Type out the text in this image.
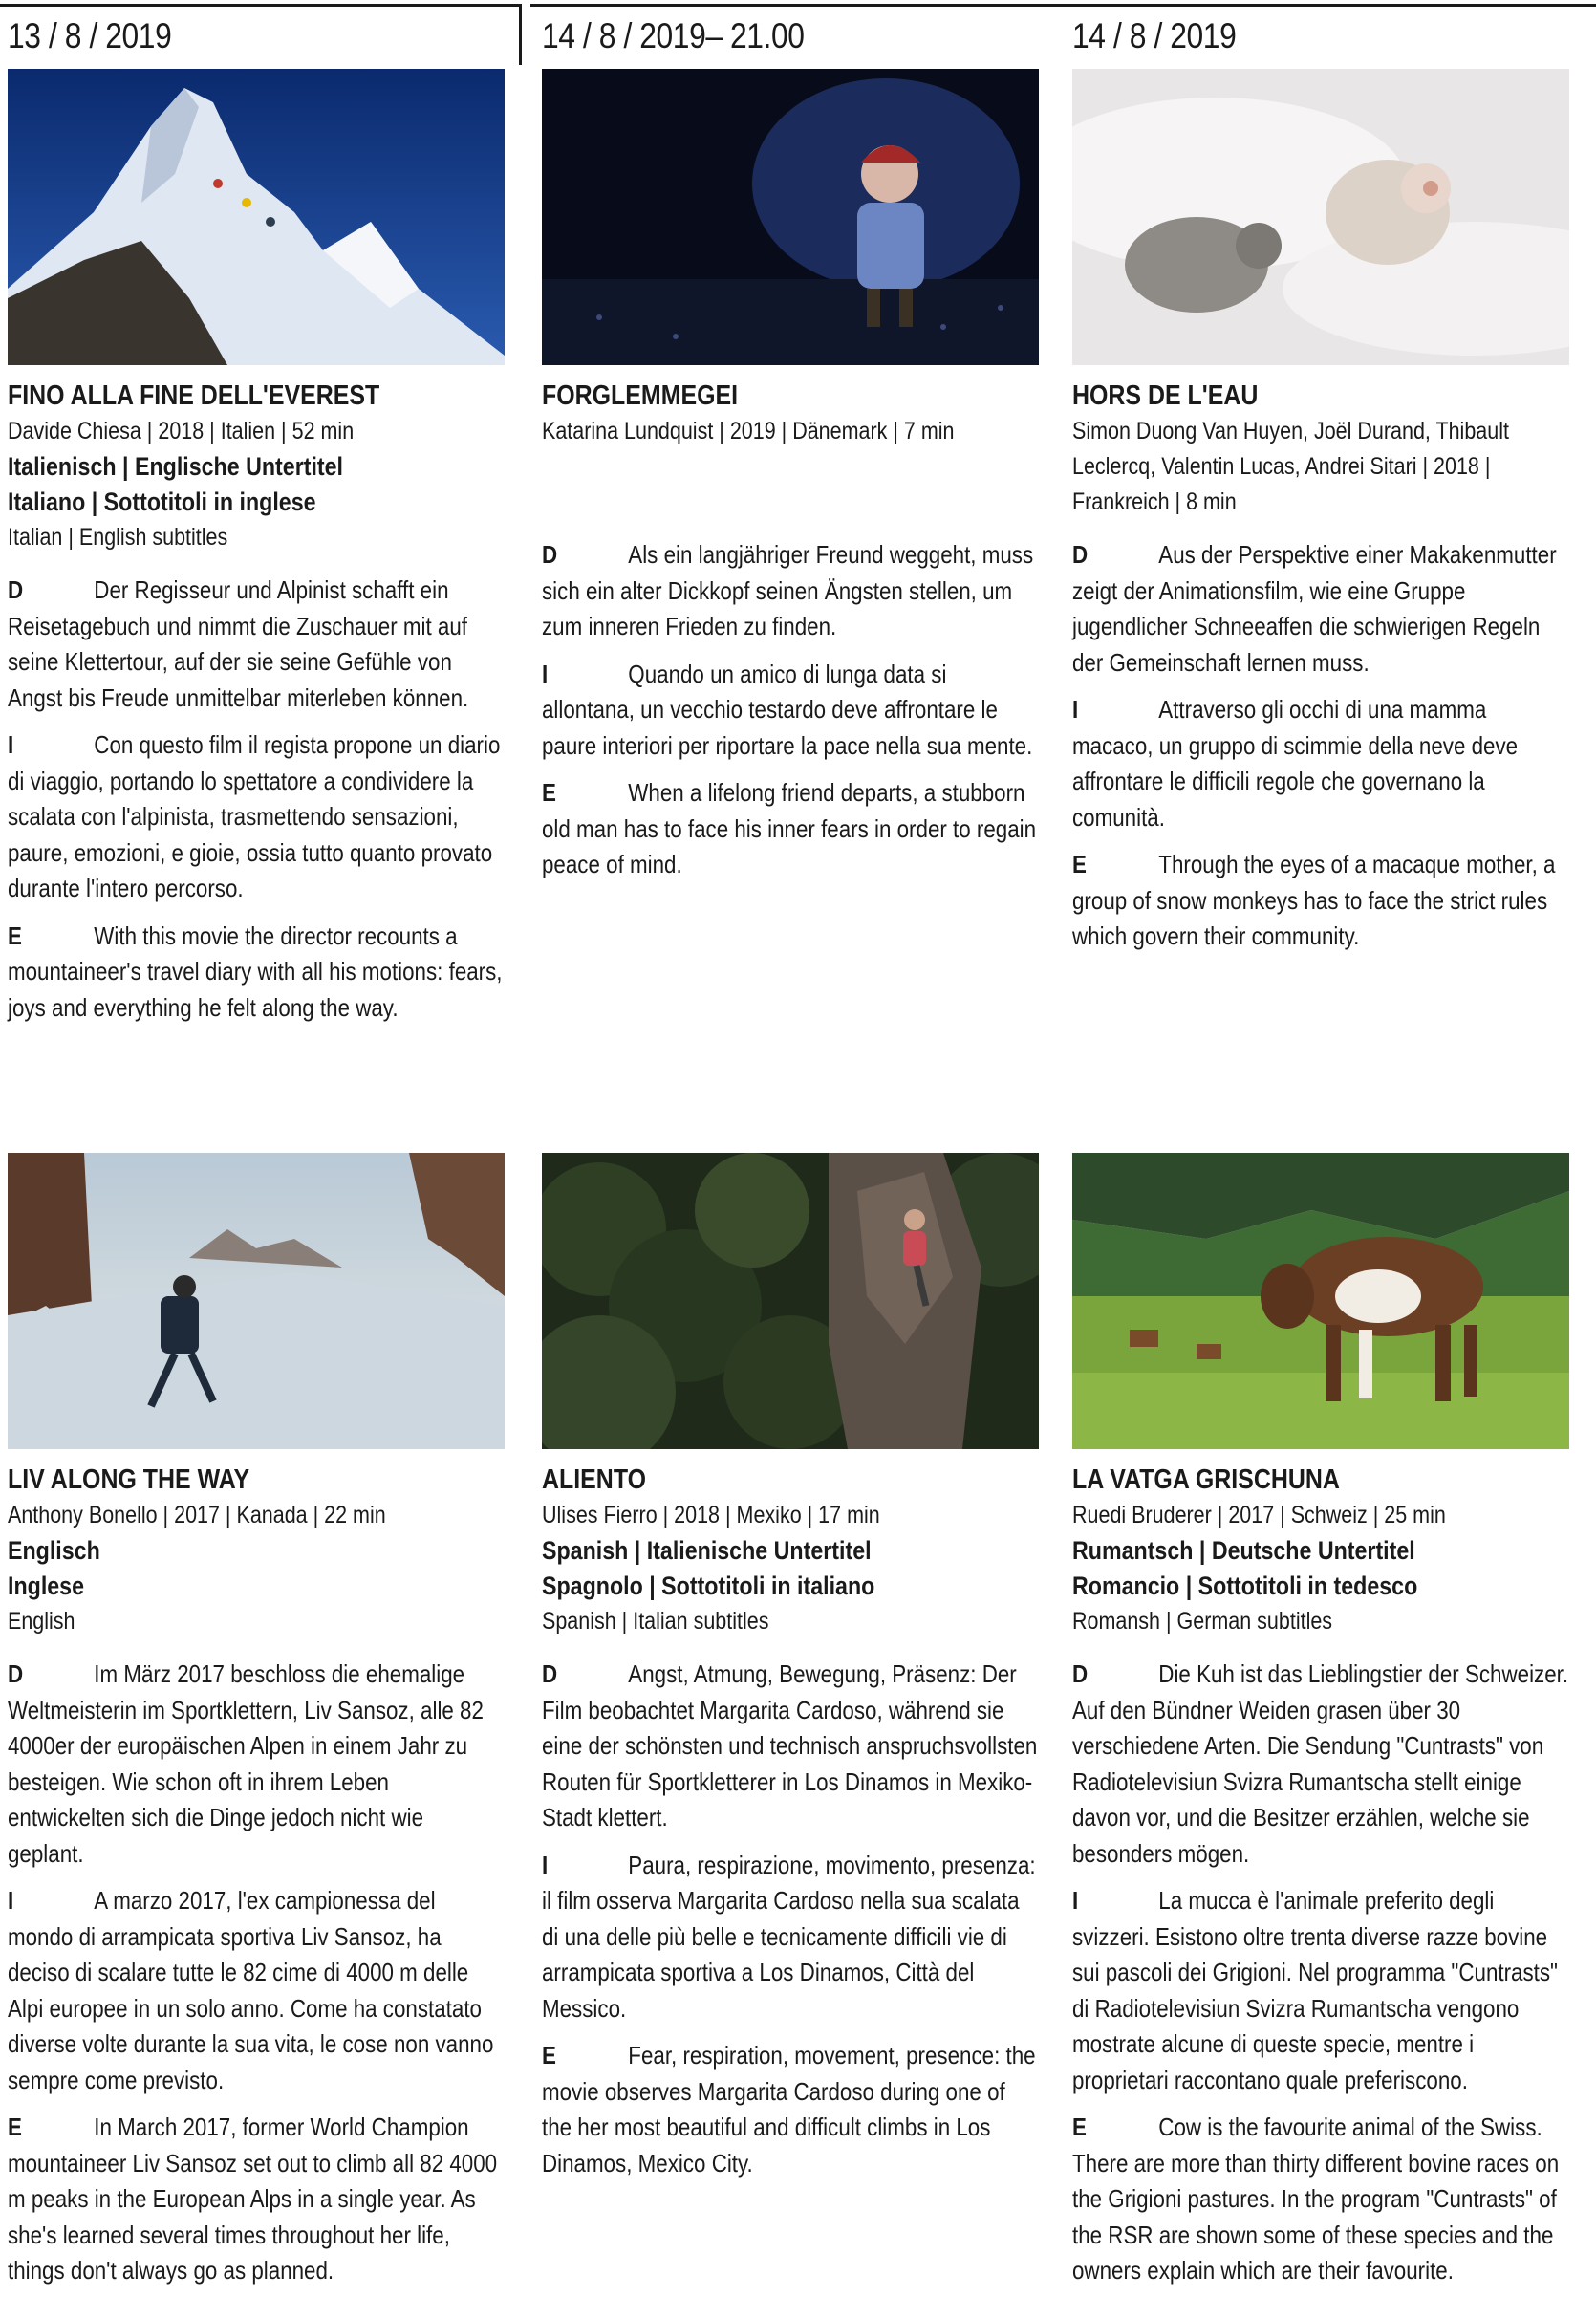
13 / 8 / 2019	14 / 8 / 2019– 21.00	14 / 8 / 2019
FINO ALLA FINE DELL'EVEREST
Davide Chiesa | 2018 | Italien | 52 min
Italienisch | Englische Untertitel
Italiano | Sottotitoli in inglese
Italian | English subtitles
D	Der Regisseur und Alpinist schafft ein Reisetagebuch und nimmt die Zuschauer mit auf seine Klettertour, auf der sie seine Gefühle von Angst bis Freude unmittelbar miterleben können.
I	Con questo film il regista propone un diario di viaggio, portando lo spettatore a condividere la scalata con l'alpinista, trasmettendo sensazioni, paure, emozioni, e gioie, ossia tutto quanto provato durante l'intero percorso.
E	With this movie the director recounts a mountaineer's travel diary with all his motions: fears, joys and everything he felt along the way.
FORGLEMMEGEI
Katarina Lundquist | 2019 | Dänemark | 7 min
D	Als ein langjähriger Freund weggeht, muss sich ein alter Dickkopf seinen Ängsten stellen, um zum inneren Frieden zu finden.
I	Quando un amico di lunga data si allontana, un vecchio testardo deve affrontare le paure interiori per riportare la pace nella sua mente.
E	When a lifelong friend departs, a stubborn old man has to face his inner fears in order to regain peace of mind.
HORS DE L'EAU
Simon Duong Van Huyen, Joël Durand, Thibault Leclercq, Valentin Lucas, Andrei Sitari | 2018 | Frankreich | 8 min
D	Aus der Perspektive einer Makakenmutter zeigt der Animationsfilm, wie eine Gruppe jugendlicher Schneeaffen die schwierigen Regeln der Gemeinschaft lernen muss.
I	Attraverso gli occhi di una mamma macaco, un gruppo di scimmie della neve deve affrontare le difficili regole che governano la comunità.
E	Through the eyes of a macaque mother, a group of snow monkeys has to face the strict rules which govern their community.
LIV ALONG THE WAY
Anthony Bonello | 2017 | Kanada | 22 min
Englisch
Inglese
English
D	Im März 2017 beschloss die ehemalige Weltmeisterin im Sportklettern, Liv Sansoz, alle 82 4000er der europäischen Alpen in einem Jahr zu besteigen. Wie schon oft in ihrem Leben entwickelten sich die Dinge jedoch nicht wie geplant.
I	A marzo 2017, l'ex campionessa del mondo di arrampicata sportiva Liv Sansoz, ha deciso di scalare tutte le 82 cime di 4000 m delle Alpi europee in un solo anno. Come ha constatato diverse volte durante la sua vita, le cose non vanno sempre come previsto.
E	In March 2017, former World Champion mountaineer Liv Sansoz set out to climb all 82 4000 m peaks in the European Alps in a single year. As she's learned several times throughout her life, things don't always go as planned.
ALIENTO
Ulises Fierro | 2018 | Mexiko | 17 min
Spanish | Italienische Untertitel
Spagnolo | Sottotitoli in italiano
Spanish | Italian subtitles
D	Angst, Atmung, Bewegung, Präsenz: Der Film beobachtet Margarita Cardoso, während sie eine der schönsten und technisch anspruchsvollsten Routen für Sportkletterer in Los Dinamos in Mexiko-Stadt klettert.
I	Paura, respirazione, movimento, presenza: il film osserva Margarita Cardoso nella sua scalata di una delle più belle e tecnicamente difficili vie di arrampicata sportiva a Los Dinamos, Città del Messico.
E	Fear, respiration, movement, presence: the movie observes Margarita Cardoso during one of the her most beautiful and difficult climbs in Los Dinamos, Mexico City.
LA VATGA GRISCHUNA
Ruedi Bruderer | 2017 | Schweiz | 25 min
Rumantsch | Deutsche Untertitel
Romancio | Sottotitoli in tedesco
Romansh | German subtitles
D	Die Kuh ist das Lieblingstier der Schweizer. Auf den Bündner Weiden grasen über 30 verschiedene Arten. Die Sendung "Cuntrasts" von Radiotelevisiun Svizra Rumantscha stellt einige davon vor, und die Besitzer erzählen, welche sie besonders mögen.
I	La mucca è l'animale preferito degli svizzeri. Esistono oltre trenta diverse razze bovine sui pascoli dei Grigioni. Nel programma "Cuntrasts" di Radiotelevisiun Svizra Rumantscha vengono mostrate alcune di queste specie, mentre i proprietari raccontano quale preferiscono.
E	Cow is the favourite animal of the Swiss. There are more than thirty different bovine races on the Grigioni pastures. In the program "Cuntrasts" of the RSR are shown some of these species and the owners explain which are their favourite.
